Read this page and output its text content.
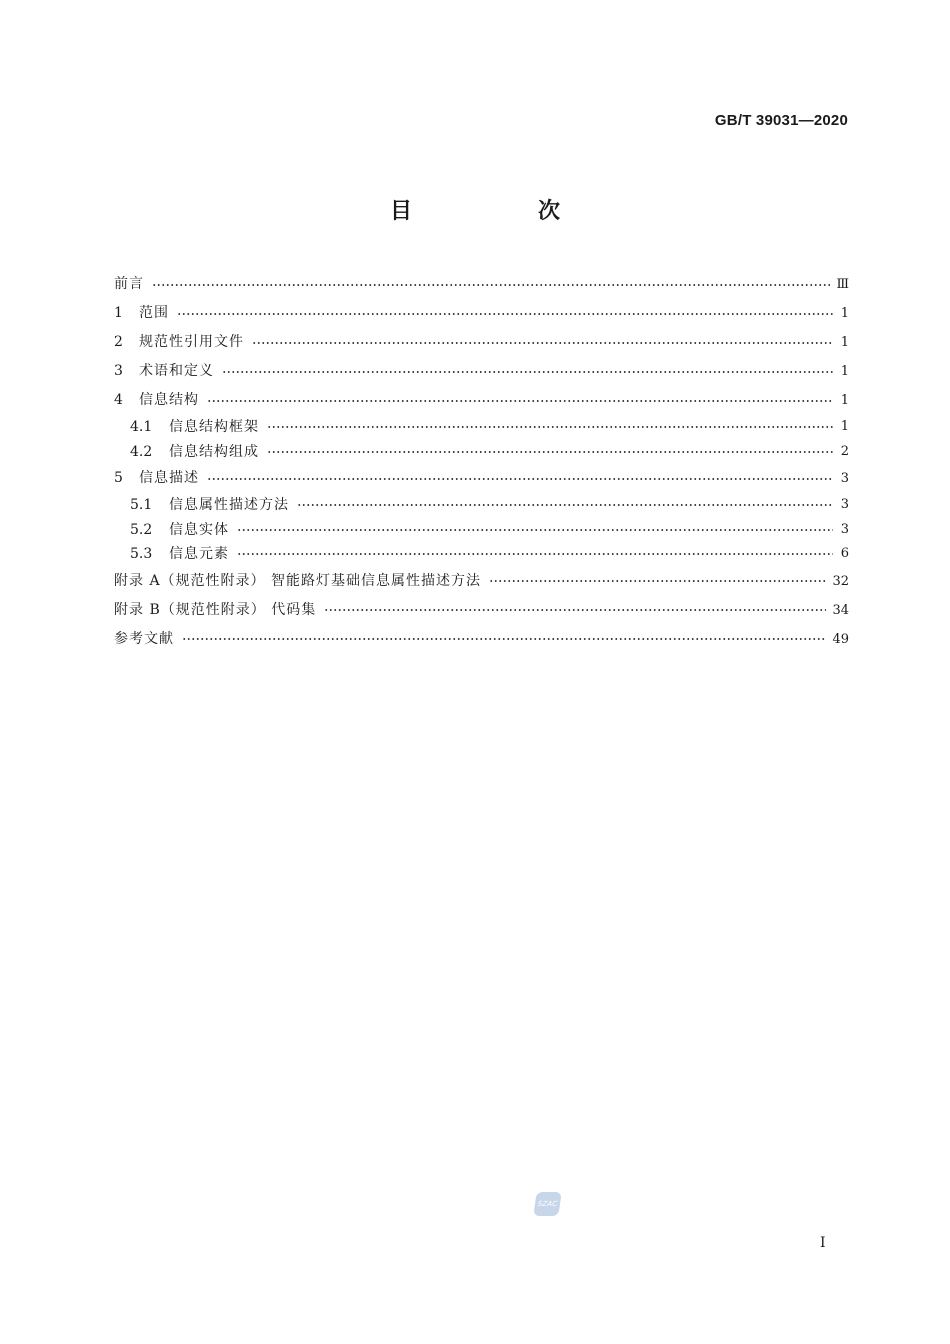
GB/T 39031—2020
目　次
前言	Ⅲ
1	范围	1
2	规范性引用文件	1
3	术语和定义	1
4	信息结构	1
4.1	信息结构框架	1
4.2	信息结构组成	2
5	信息描述	3
5.1	信息属性描述方法	3
5.2	信息实体	3
5.3	信息元素	6
附录 A（规范性附录） 智能路灯基础信息属性描述方法	32
附录 B（规范性附录） 代码集	34
参考文献	49
SZAC
Ⅰ
